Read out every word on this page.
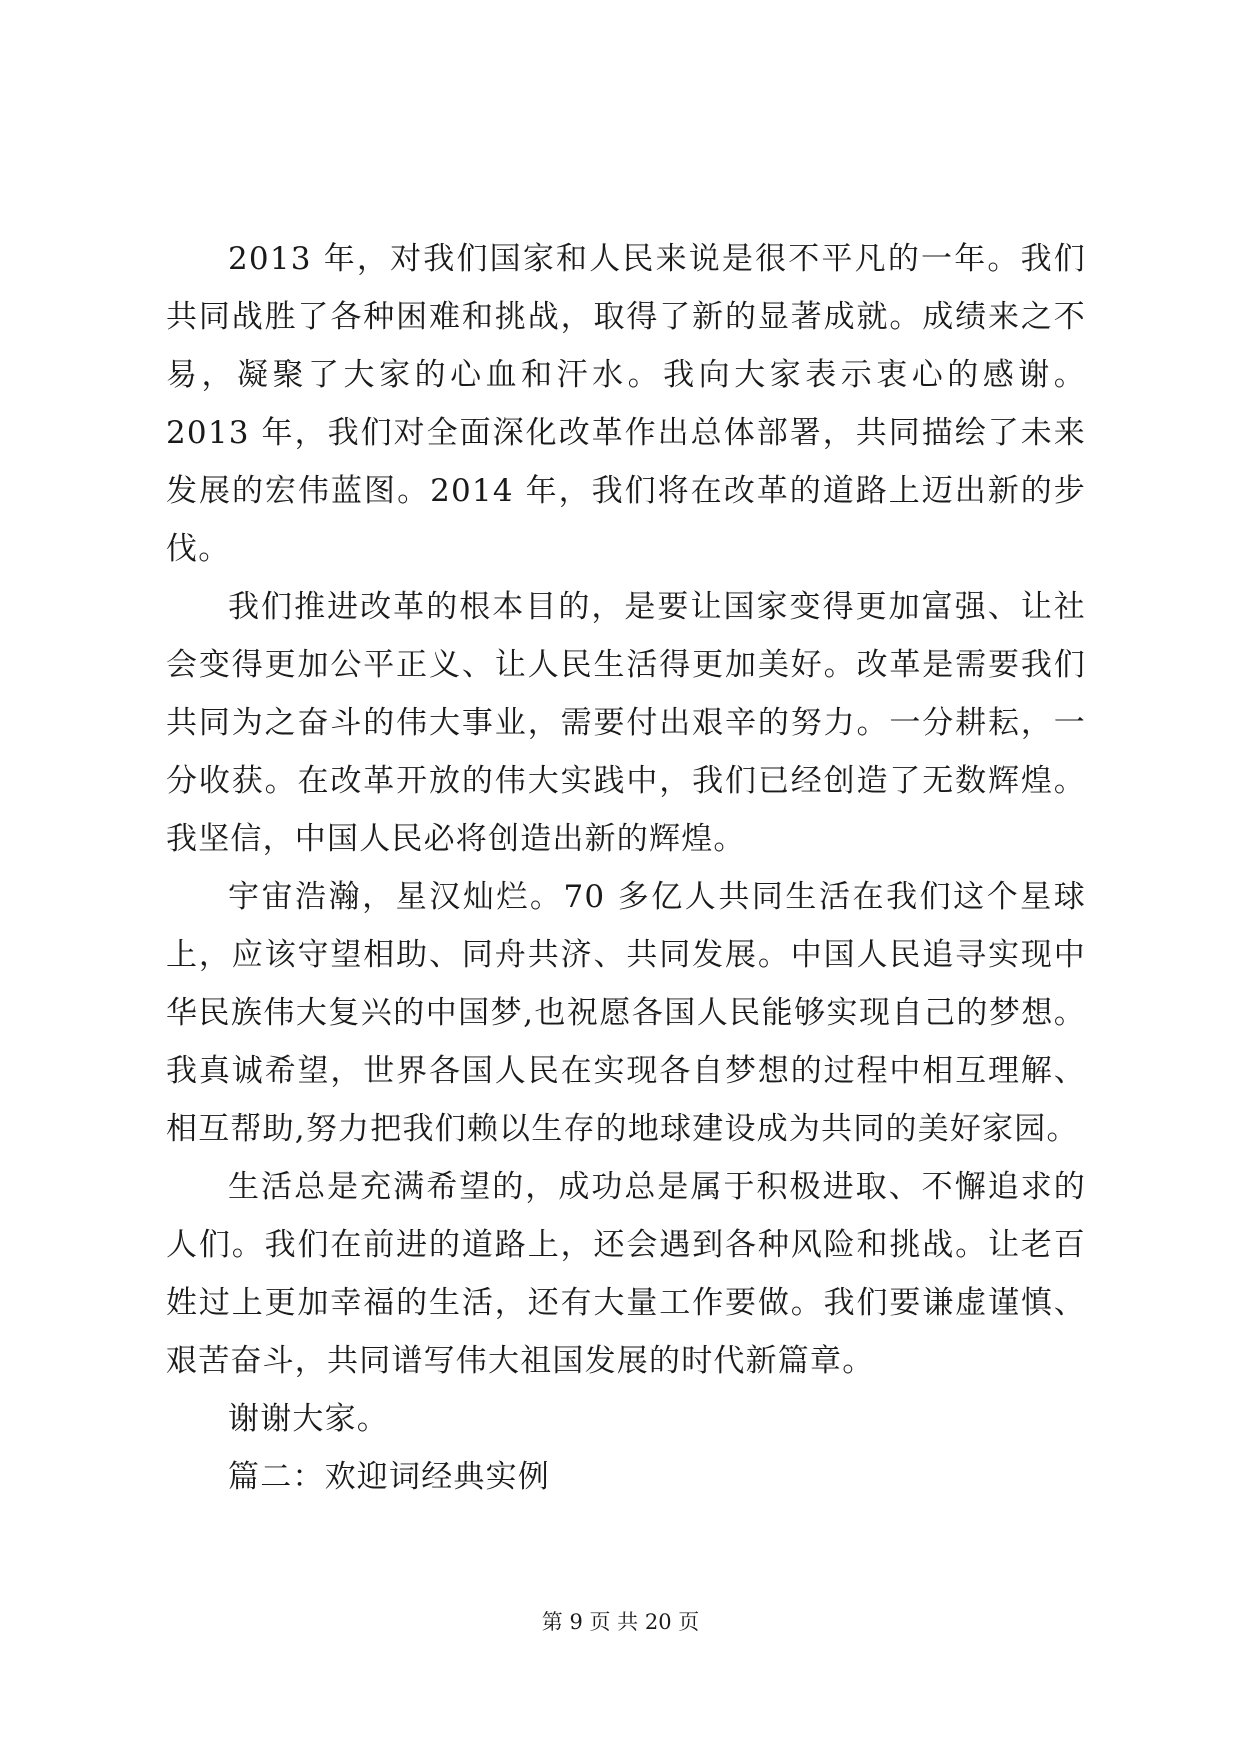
2013 年，对我们国家和人民来说是很不平凡的一年。我们共同战胜了各种困难和挑战，取得了新的显著成就。成绩来之不易，凝聚了大家的心血和汗水。我向大家表示衷心的感谢。2013 年，我们对全面深化改革作出总体部署，共同描绘了未来发展的宏伟蓝图。2014 年，我们将在改革的道路上迈出新的步伐。

我们推进改革的根本目的，是要让国家变得更加富强、让社会变得更加公平正义、让人民生活得更加美好。改革是需要我们共同为之奋斗的伟大事业，需要付出艰辛的努力。一分耕耘，一分收获。在改革开放的伟大实践中，我们已经创造了无数辉煌。我坚信，中国人民必将创造出新的辉煌。

宇宙浩瀚，星汉灿烂。70 多亿人共同生活在我们这个星球上，应该守望相助、同舟共济、共同发展。中国人民追寻实现中华民族伟大复兴的中国梦,也祝愿各国人民能够实现自己的梦想。我真诚希望，世界各国人民在实现各自梦想的过程中相互理解、相互帮助,努力把我们赖以生存的地球建设成为共同的美好家园。

生活总是充满希望的，成功总是属于积极进取、不懈追求的人们。我们在前进的道路上，还会遇到各种风险和挑战。让老百姓过上更加幸福的生活，还有大量工作要做。我们要谦虚谨慎、艰苦奋斗，共同谱写伟大祖国发展的时代新篇章。

谢谢大家。

篇二：欢迎词经典实例

第 9 页 共 20 页
